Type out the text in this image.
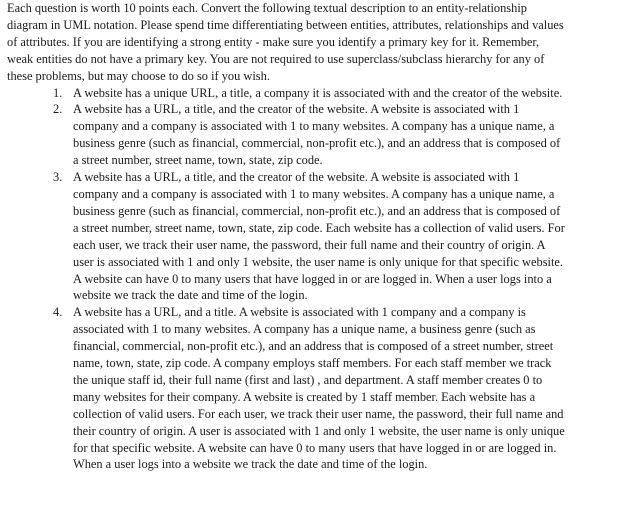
Each question is worth 10 points each. Convert the following textual description to an entity-relationship diagram in UML notation. Please spend time differentiating between entities, attributes, relationships and values of attributes. If you are identifying a strong entity - make sure you identify a primary key for it. Remember, weak entities do not have a primary key. You are not required to use superclass/subclass hierarchy for any of these problems, but may choose to do so if you wish.

1. A website has a unique URL, a title, a company it is associated with and the creator of the website.
2. A website has a URL, a title, and the creator of the website. A website is associated with 1 company and a company is associated with 1 to many websites. A company has a unique name, a business genre (such as financial, commercial, non-profit etc.), and an address that is composed of a street number, street name, town, state, zip code.
3. A website has a URL, a title, and the creator of the website. A website is associated with 1 company and a company is associated with 1 to many websites. A company has a unique name, a business genre (such as financial, commercial, non-profit etc.), and an address that is composed of a street number, street name, town, state, zip code. Each website has a collection of valid users. For each user, we track their user name, the password, their full name and their country of origin. A user is associated with 1 and only 1 website, the user name is only unique for that specific website. A website can have 0 to many users that have logged in or are logged in. When a user logs into a website we track the date and time of the login.
4. A website has a URL, and a title. A website is associated with 1 company and a company is associated with 1 to many websites. A company has a unique name, a business genre (such as financial, commercial, non-profit etc.), and an address that is composed of a street number, street name, town, state, zip code. A company employs staff members. For each staff member we track the unique staff id, their full name (first and last) , and department. A staff member creates 0 to many websites for their company. A website is created by 1 staff member. Each website has a collection of valid users. For each user, we track their user name, the password, their full name and their country of origin. A user is associated with 1 and only 1 website, the user name is only unique for that specific website. A website can have 0 to many users that have logged in or are logged in. When a user logs into a website we track the date and time of the login.
